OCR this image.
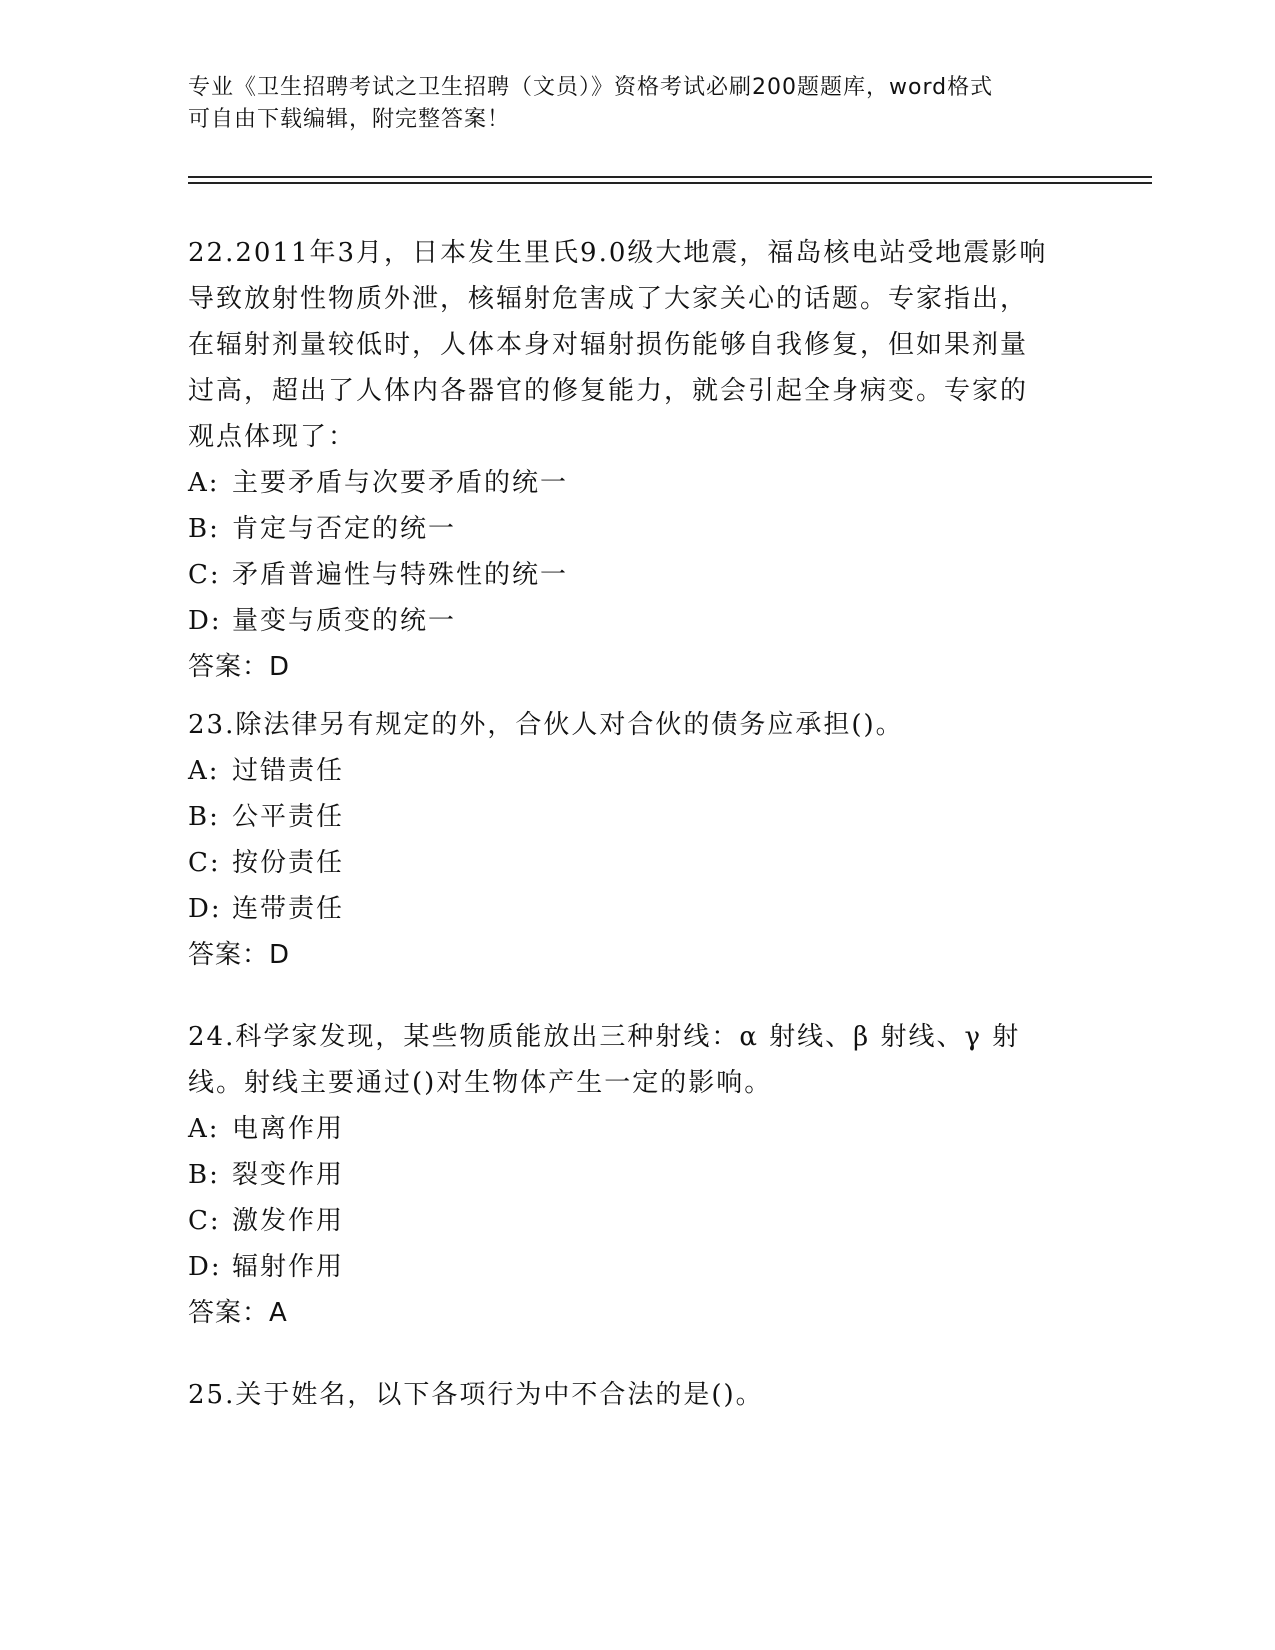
专业《卫生招聘考试之卫生招聘（文员）》资格考试必刷200题题库，word格式
可自由下载编辑，附完整答案！
22.2011年3月，日本发生里氏9.0级大地震，福岛核电站受地震影响
导致放射性物质外泄，核辐射危害成了大家关心的话题。专家指出，
在辐射剂量较低时，人体本身对辐射损伤能够自我修复，但如果剂量
过高，超出了人体内各器官的修复能力，就会引起全身病变。专家的
观点体现了：
A: 主要矛盾与次要矛盾的统一
B: 肯定与否定的统一
C: 矛盾普遍性与特殊性的统一
D: 量变与质变的统一
答案：D
23.除法律另有规定的外，合伙人对合伙的债务应承担()。
A: 过错责任
B: 公平责任
C: 按份责任
D: 连带责任
答案：D
24.科学家发现，某些物质能放出三种射线：α 射线、β 射线、γ 射
线。射线主要通过()对生物体产生一定的影响。
A: 电离作用
B: 裂变作用
C: 激发作用
D: 辐射作用
答案：A
25.关于姓名，以下各项行为中不合法的是()。
